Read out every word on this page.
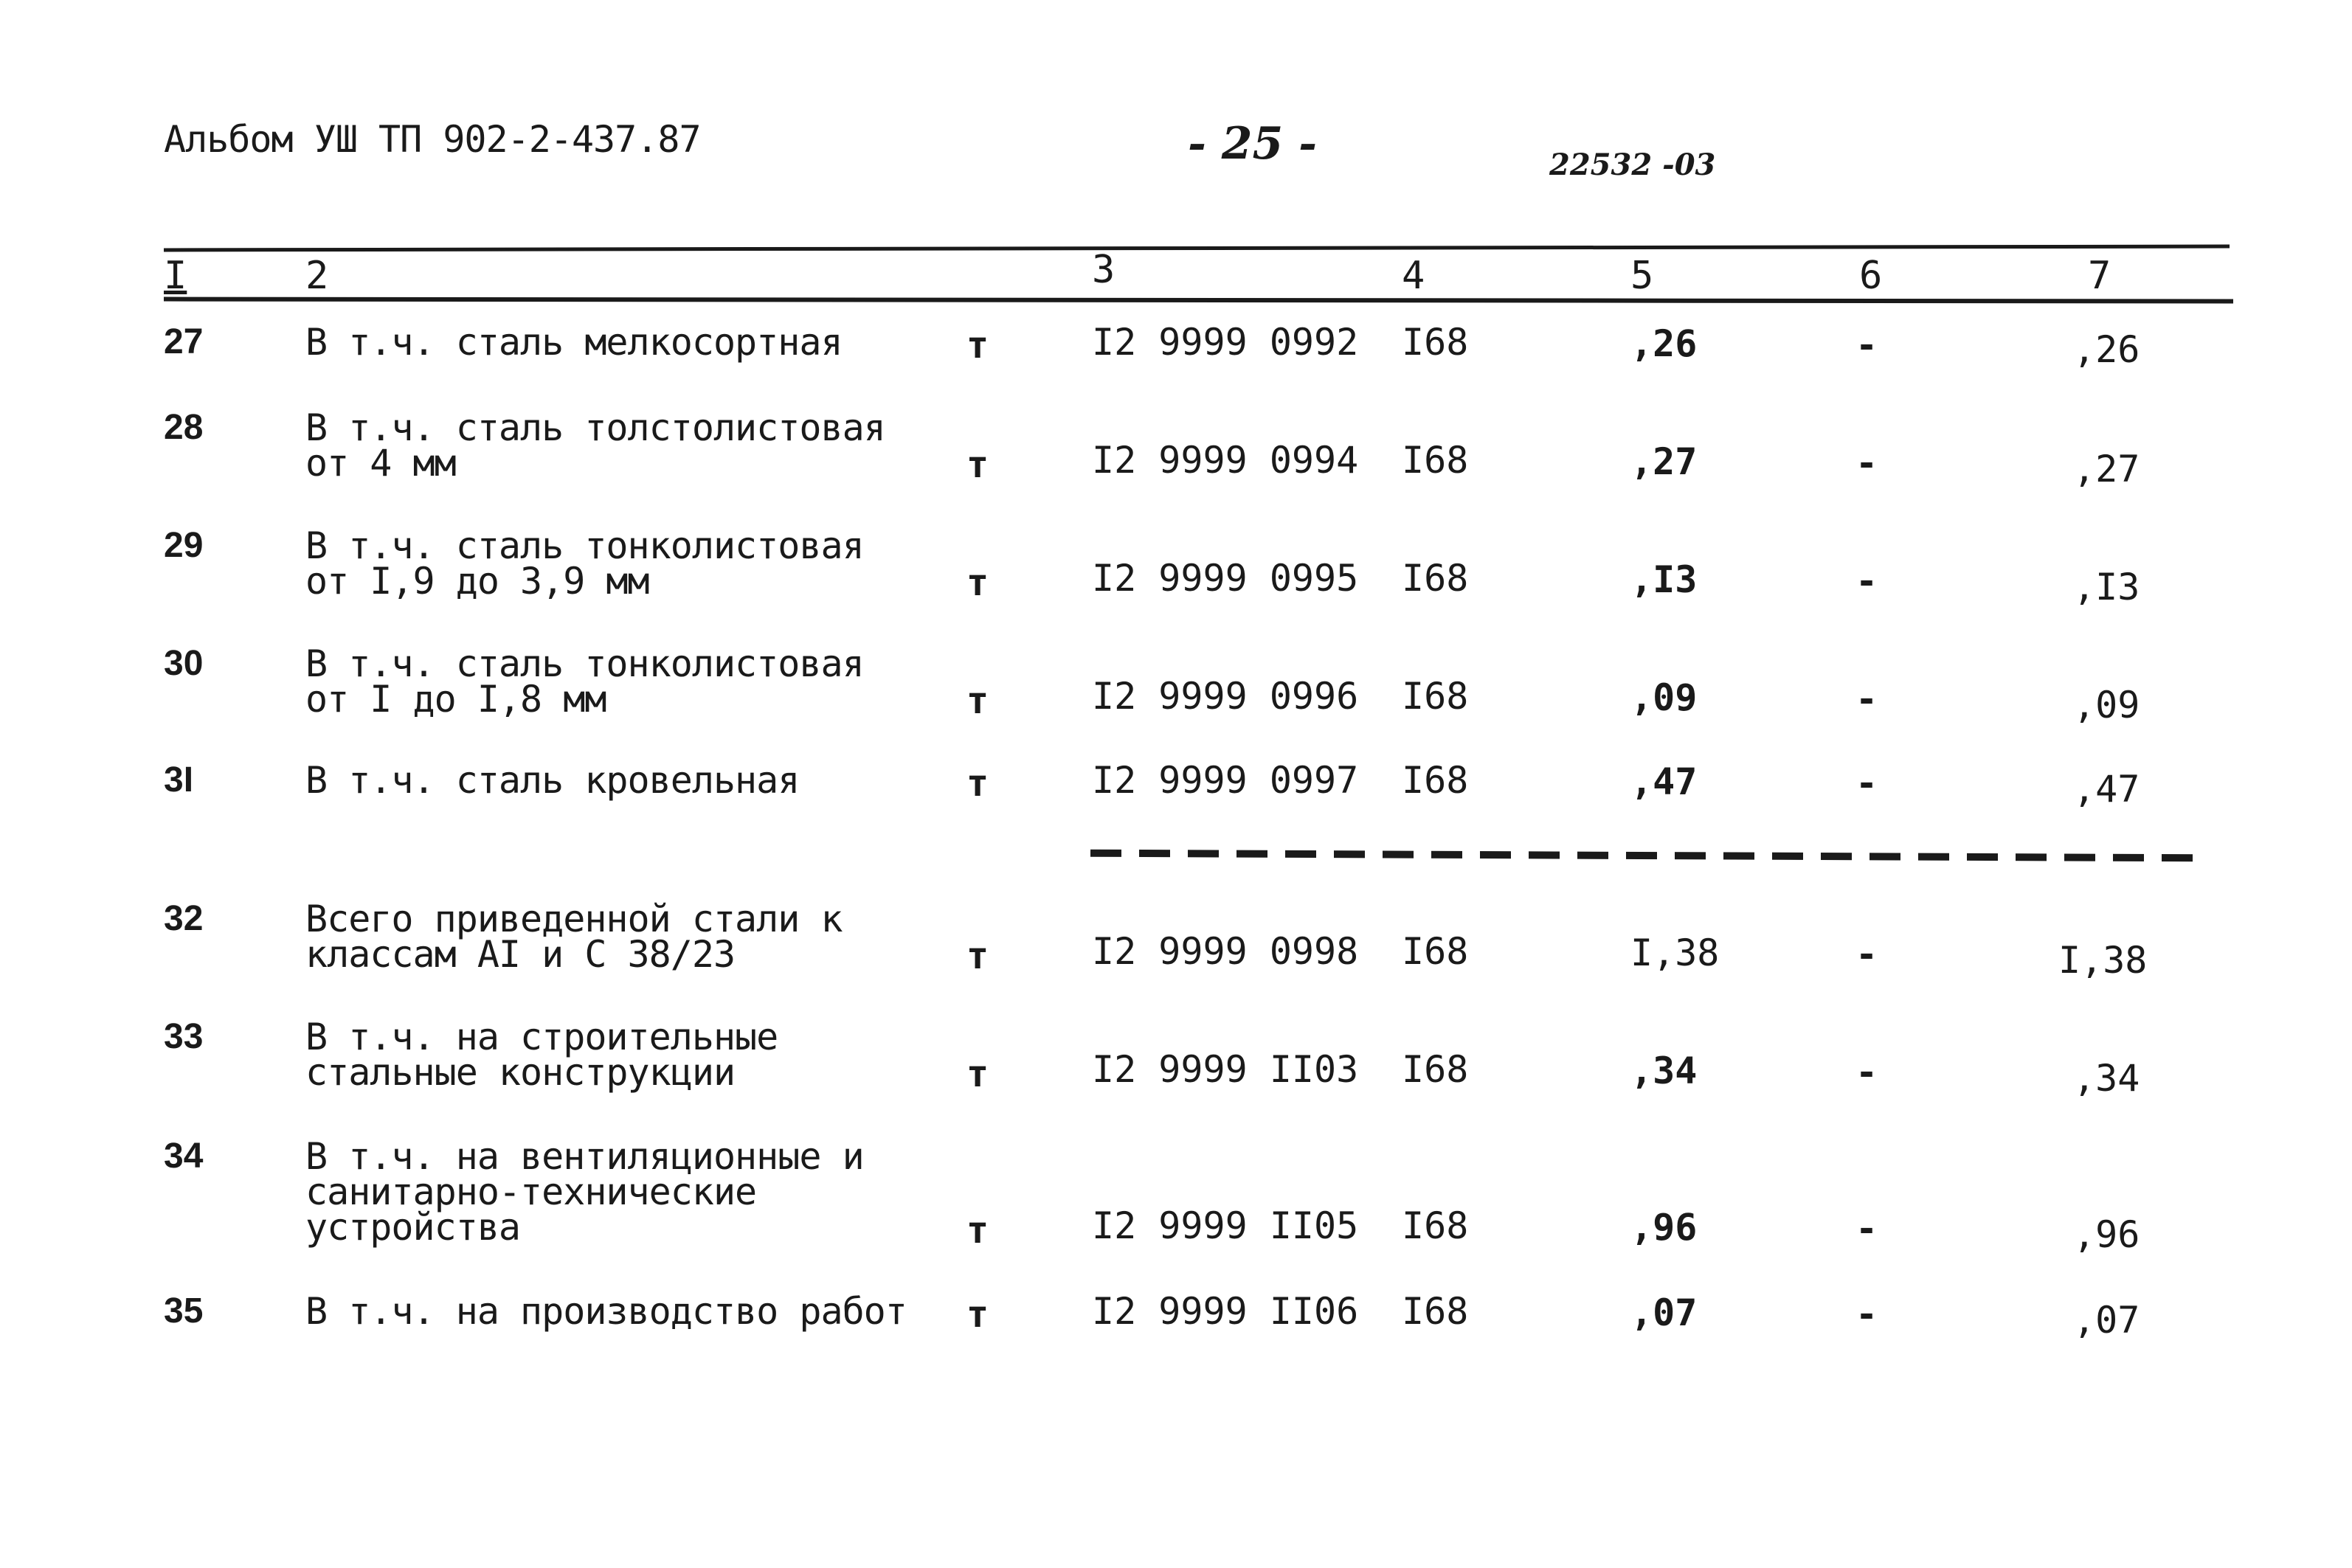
Альбом УШ ТП 902-2-437.87	- 25 -	22532 -03
I	2	3	4	5	6	7
27	В т.ч. сталь мелкосортная	т	I2 9999 0992 I68	,26	-	,26
28	В т.ч. сталь толстолистовая
от 4 мм	т	I2 9999 0994 I68	,27	-	,27
29	В т.ч. сталь тонколистовая
от I,9 до 3,9 мм	т	I2 9999 0995 I68	,I3	-	,I3
30	В т.ч. сталь тонколистовая
от I до I,8 мм	т	I2 9999 0996 I68	,09	-	,09
3I	В т.ч. сталь кровельная	т	I2 9999 0997 I68	,47	-	,47
32	Всего приведенной стали к
классам AI и С 38/23	т	I2 9999 0998 I68	I,38	-	I,38
33	В т.ч. на строительные
стальные конструкции	т	I2 9999 II03 I68	,34	-	,34
34	В т.ч. на вентиляционные и
санитарно-технические
устройства	т	I2 9999 II05 I68	,96	-	,96
35	В т.ч. на производство работ т	I2 9999 II06 I68	,07	-	,07
